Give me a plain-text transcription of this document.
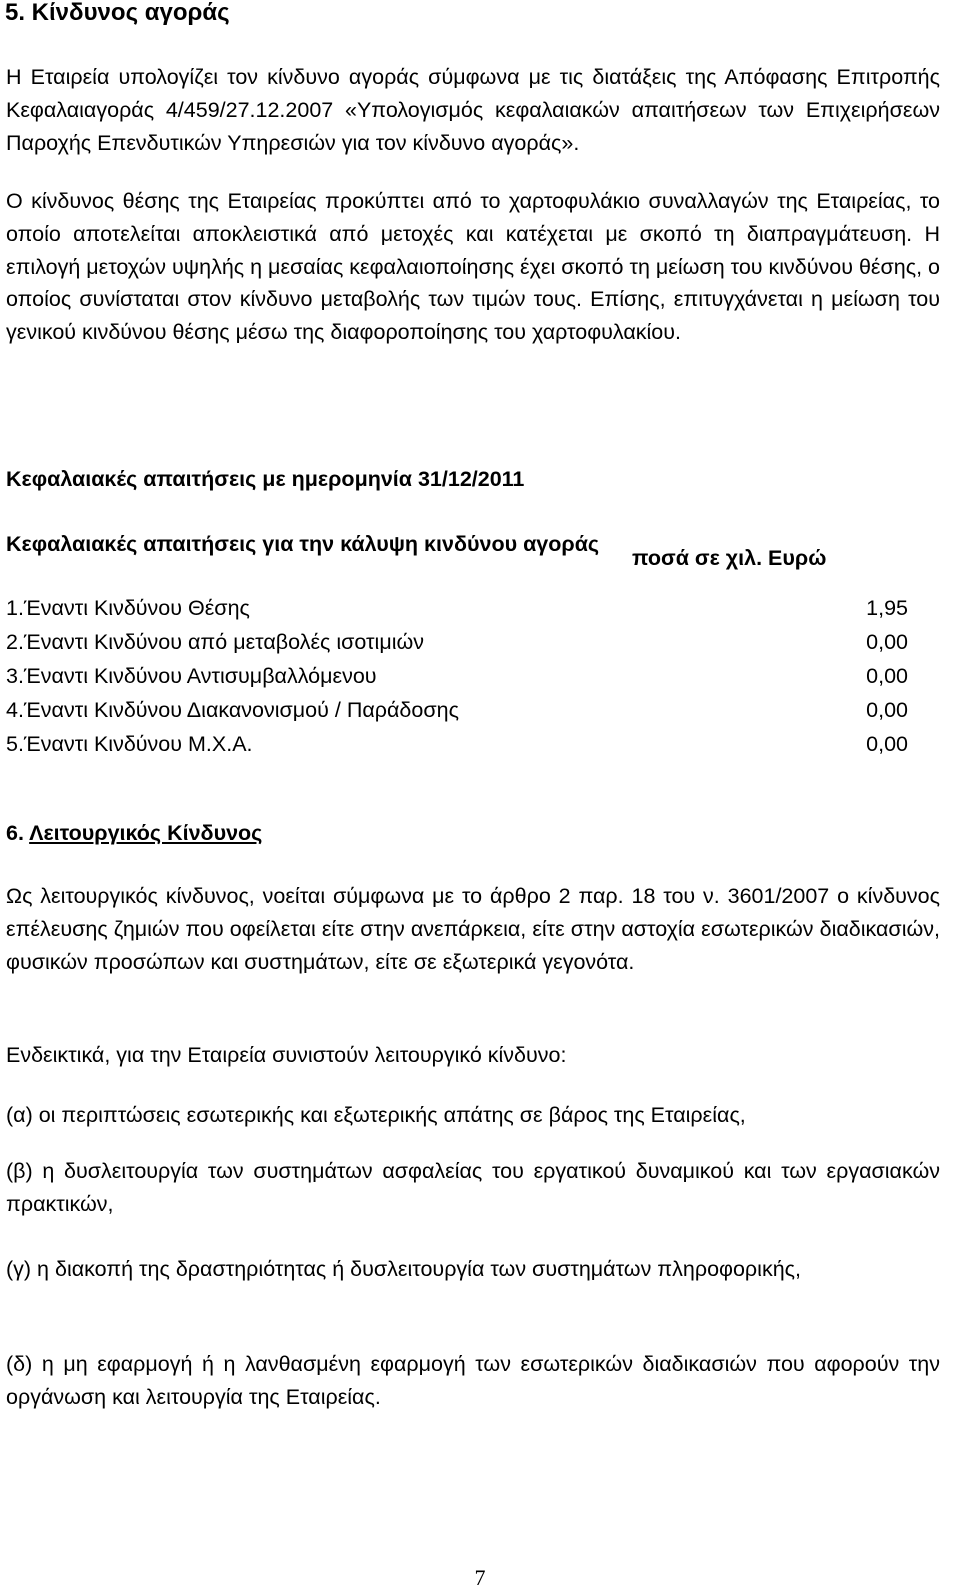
5. Κίνδυνος αγοράς
Η Εταιρεία υπολογίζει τον κίνδυνο αγοράς σύμφωνα με τις διατάξεις της Απόφασης Επιτροπής Κεφαλαιαγοράς 4/459/27.12.2007 «Υπολογισμός κεφαλαιακών απαιτήσεων των Επιχειρήσεων Παροχής Επενδυτικών Υπηρεσιών για τον κίνδυνο αγοράς».
Ο κίνδυνος θέσης της Εταιρείας προκύπτει από το χαρτοφυλάκιο συναλλαγών της Εταιρείας, το οποίο αποτελείται αποκλειστικά από μετοχές και κατέχεται με σκοπό τη διαπραγμάτευση. Η επιλογή μετοχών υψηλής η μεσαίας κεφαλαιοποίησης έχει σκοπό τη μείωση του κινδύνου θέσης, ο οποίος συνίσταται στον κίνδυνο μεταβολής των τιμών τους. Επίσης, επιτυγχάνεται η μείωση του γενικού κινδύνου θέσης μέσω της διαφοροποίησης του χαρτοφυλακίου.
Κεφαλαιακές απαιτήσεις με ημερομηνία 31/12/2011
Κεφαλαιακές απαιτήσεις για την κάλυψη κινδύνου αγοράς
ποσά σε χιλ. Ευρώ
1.Έναντι Κινδύνου Θέσης	1,95
2.Έναντι Κινδύνου από μεταβολές ισοτιμιών	0,00
3.Έναντι Κινδύνου Αντισυμβαλλόμενου	0,00
4.Έναντι Κινδύνου Διακανονισμού / Παράδοσης	0,00
5.Έναντι Κινδύνου Μ.Χ.Α.	0,00
6. Λειτουργικός Κίνδυνος
Ως λειτουργικός κίνδυνος, νοείται σύμφωνα με το άρθρο 2 παρ. 18 του ν. 3601/2007 ο κίνδυνος επέλευσης ζημιών που οφείλεται είτε στην ανεπάρκεια, είτε στην αστοχία εσωτερικών διαδικασιών, φυσικών προσώπων και συστημάτων, είτε σε εξωτερικά γεγονότα.
Ενδεικτικά, για την Εταιρεία συνιστούν λειτουργικό κίνδυνο:
(α) οι περιπτώσεις εσωτερικής και εξωτερικής απάτης σε βάρος της Εταιρείας,
(β) η δυσλειτουργία των συστημάτων ασφαλείας του εργατικού δυναμικού και των εργασιακών πρακτικών,
(γ) η διακοπή της δραστηριότητας ή δυσλειτουργία των συστημάτων πληροφορικής,
(δ) η μη εφαρμογή ή η λανθασμένη εφαρμογή των εσωτερικών διαδικασιών που αφορούν την οργάνωση και λειτουργία της Εταιρείας.
7
